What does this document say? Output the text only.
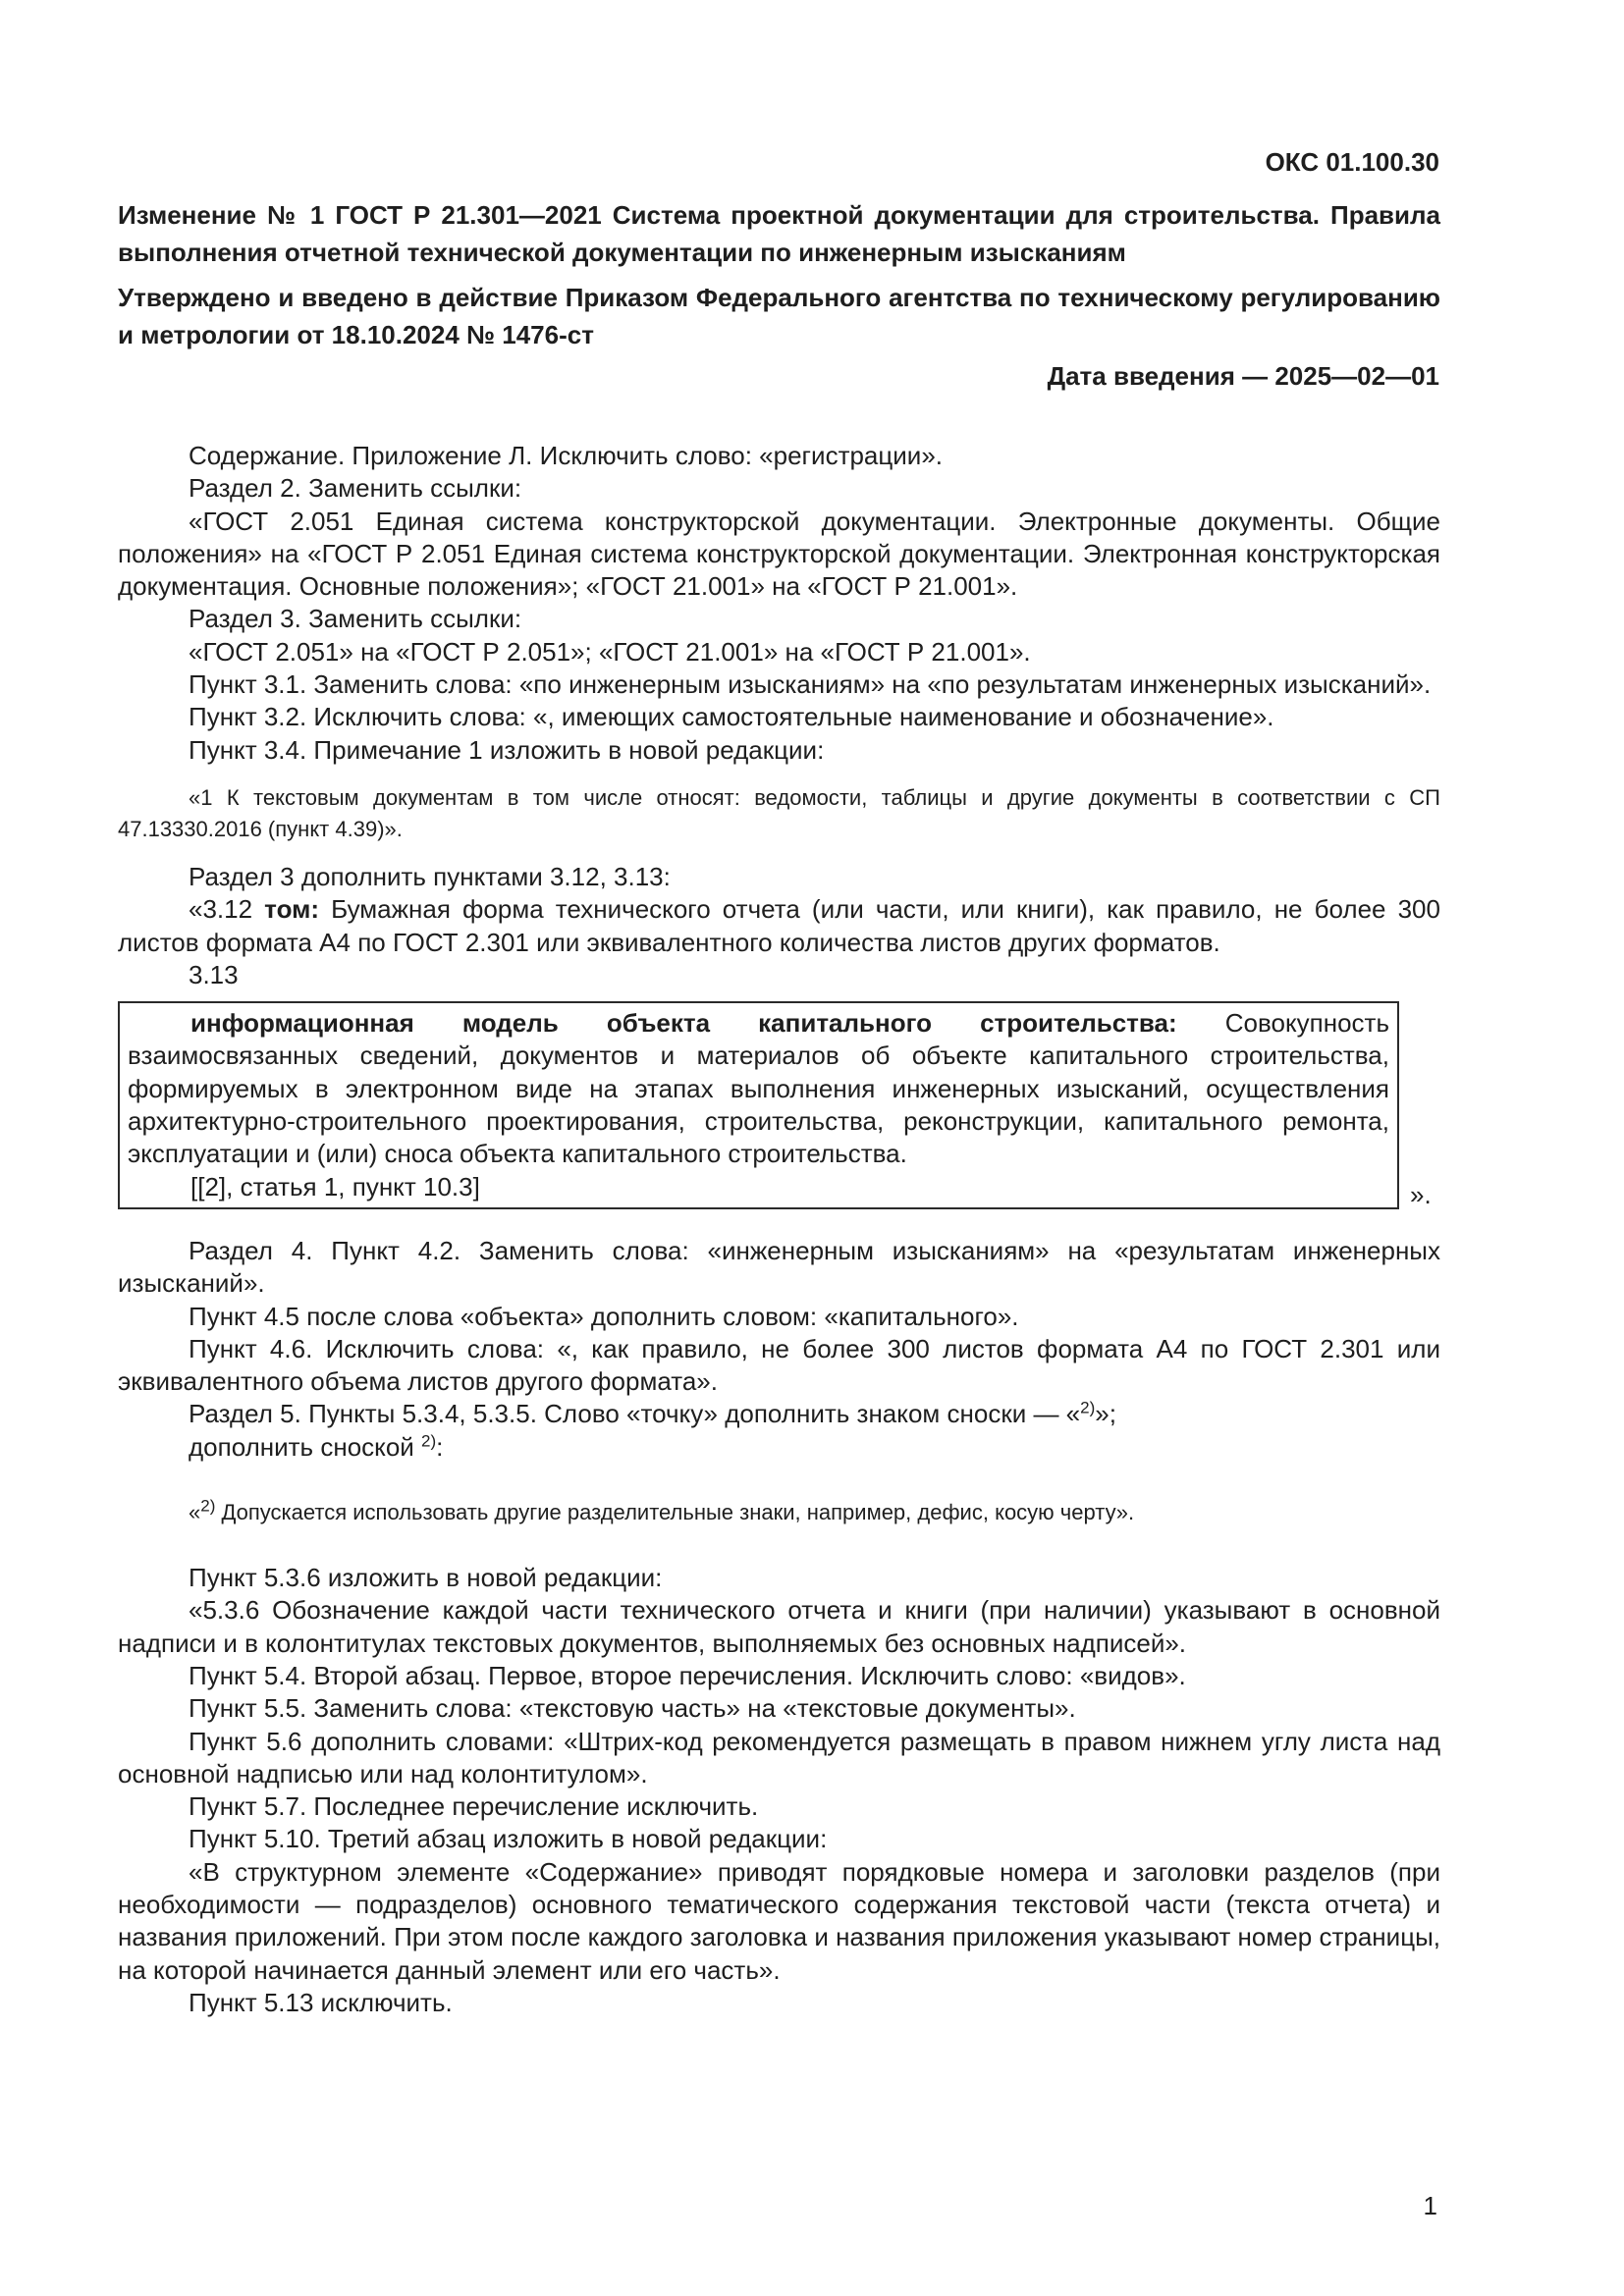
ОКС 01.100.30
Изменение № 1 ГОСТ Р 21.301—2021 Система проектной документации для строительства. Правила выполнения отчетной технической документации по инженерным изысканиям
Утверждено и введено в действие Приказом Федерального агентства по техническому регулированию и метрологии от 18.10.2024 № 1476-ст
Дата введения — 2025—02—01

Содержание. Приложение Л. Исключить слово: «регистрации».

Раздел 2. Заменить ссылки:

«ГОСТ 2.051 Единая система конструкторской документации. Электронные документы. Общие положения» на «ГОСТ Р 2.051 Единая система конструкторской документации. Электронная конструкторская документация. Основные положения»; «ГОСТ 21.001» на «ГОСТ Р 21.001».

Раздел 3. Заменить ссылки:

«ГОСТ 2.051» на «ГОСТ Р 2.051»; «ГОСТ 21.001» на «ГОСТ Р 21.001».

Пункт 3.1. Заменить слова: «по инженерным изысканиям» на «по результатам инженерных изысканий».

Пункт 3.2. Исключить слова: «, имеющих самостоятельные наименование и обозначение».

Пункт 3.4. Примечание 1 изложить в новой редакции:

«1 К текстовым документам в том числе относят: ведомости, таблицы и другие документы в соответствии с СП 47.13330.2016 (пункт 4.39)».

Раздел 3 дополнить пунктами 3.12, 3.13:

«3.12 том: Бумажная форма технического отчета (или части, или книги), как правило, не более 300 листов формата А4 по ГОСТ 2.301 или эквивалентного количества листов других форматов.

3.13

информационная модель объекта капитального строительства: Совокупность взаимосвязанных сведений, документов и материалов об объекте капитального строительства, формируемых в электронном виде на этапах выполнения инженерных изысканий, осуществления архитектурно-строительного проектирования, строительства, реконструкции, капитального ремонта, эксплуатации и (или) сноса объекта капитального строительства.

[[2], статья 1, пункт 10.3]	».

Раздел 4. Пункт 4.2. Заменить слова: «инженерным изысканиям» на «результатам инженерных изысканий».

Пункт 4.5 после слова «объекта» дополнить словом: «капитального».

Пункт 4.6. Исключить слова: «, как правило, не более 300 листов формата А4 по ГОСТ 2.301 или эквивалентного объема листов другого формата».

Раздел 5. Пункты 5.3.4, 5.3.5. Слово «точку» дополнить знаком сноски — «$^{2)}$»;

дополнить сноской $^{2)}$:

«$^{2)}$ Допускается использовать другие разделительные знаки, например, дефис, косую черту».

Пункт 5.3.6 изложить в новой редакции:

«5.3.6 Обозначение каждой части технического отчета и книги (при наличии) указывают в основной надписи и в колонтитулах текстовых документов, выполняемых без основных надписей».

Пункт 5.4. Второй абзац. Первое, второе перечисления. Исключить слово: «видов».

Пункт 5.5. Заменить слова: «текстовую часть» на «текстовые документы».

Пункт 5.6 дополнить словами: «Штрих-код рекомендуется размещать в правом нижнем углу листа над основной надписью или над колонтитулом».

Пункт 5.7. Последнее перечисление исключить.

Пункт 5.10. Третий абзац изложить в новой редакции:

«В структурном элементе «Содержание» приводят порядковые номера и заголовки разделов (при необходимости — подразделов) основного тематического содержания текстовой части (текста отчета) и названия приложений. При этом после каждого заголовка и названия приложения указывают номер страницы, на которой начинается данный элемент или его часть».

Пункт 5.13 исключить.

1
